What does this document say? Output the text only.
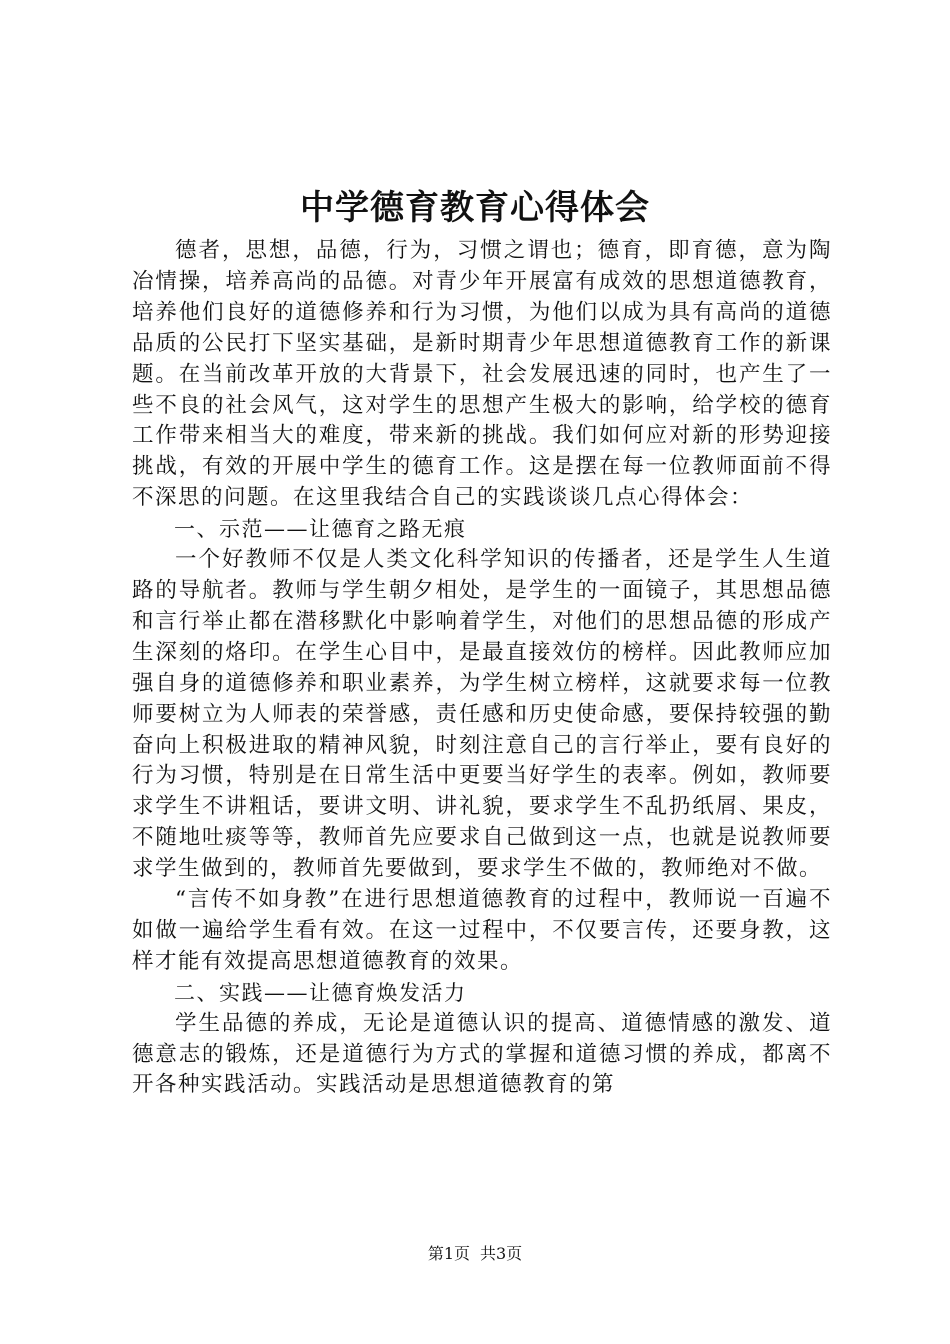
中学德育教育心得体会

德者，思想，品德，行为，习惯之谓也；德育，即育德，意为陶冶情操，培养高尚的品德。对青少年开展富有成效的思想道德教育，培养他们良好的道德修养和行为习惯，为他们以成为具有高尚的道德品质的公民打下坚实基础，是新时期青少年思想道德教育工作的新课题。在当前改革开放的大背景下，社会发展迅速的同时，也产生了一些不良的社会风气，这对学生的思想产生极大的影响，给学校的德育工作带来相当大的难度，带来新的挑战。我们如何应对新的形势迎接挑战，有效的开展中学生的德育工作。这是摆在每一位教师面前不得不深思的问题。在这里我结合自己的实践谈谈几点心得体会：

一、示范——让德育之路无痕

一个好教师不仅是人类文化科学知识的传播者，还是学生人生道路的导航者。教师与学生朝夕相处，是学生的一面镜子，其思想品德和言行举止都在潜移默化中影响着学生，对他们的思想品德的形成产生深刻的烙印。在学生心目中，是最直接效仿的榜样。因此教师应加强自身的道德修养和职业素养，为学生树立榜样，这就要求每一位教师要树立为人师表的荣誉感，责任感和历史使命感，要保持较强的勤奋向上积极进取的精神风貌，时刻注意自己的言行举止，要有良好的行为习惯，特别是在日常生活中更要当好学生的表率。例如，教师要求学生不讲粗话，要讲文明、讲礼貌，要求学生不乱扔纸屑、果皮，不随地吐痰等等，教师首先应要求自己做到这一点，也就是说教师要求学生做到的，教师首先要做到，要求学生不做的，教师绝对不做。

“言传不如身教”在进行思想道德教育的过程中，教师说一百遍不如做一遍给学生看有效。在这一过程中，不仅要言传，还要身教，这样才能有效提高思想道德教育的效果。

二、实践——让德育焕发活力

学生品德的养成，无论是道德认识的提高、道德情感的激发、道德意志的锻炼，还是道德行为方式的掌握和道德习惯的养成，都离不开各种实践活动。实践活动是思想道德教育的第

第1页 共3页
